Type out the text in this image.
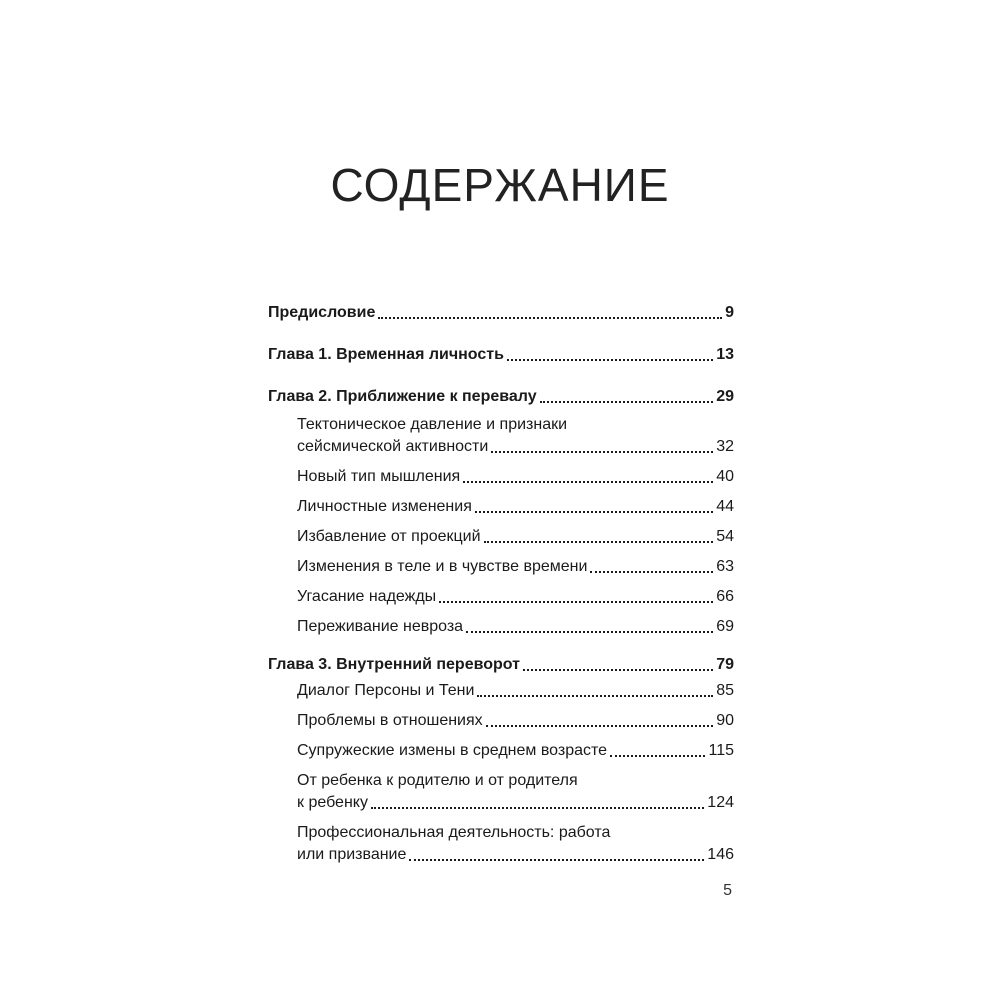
СОДЕРЖАНИЕ
Предисловие	9
Глава 1. Временная личность	13
Глава 2. Приближение к перевалу	29
Тектоническое давление и признаки
сейсмической активности	32
Новый тип мышления	40
Личностные изменения	44
Избавление от проекций	54
Изменения в теле и в чувстве времени	63
Угасание надежды	66
Переживание невроза	69
Глава 3. Внутренний переворот	79
Диалог Персоны и Тени	85
Проблемы в отношениях	90
Супружеские измены в среднем возрасте	115
От ребенка к родителю и от родителя
к ребенку	124
Профессиональная деятельность: работа
или призвание	146
5
